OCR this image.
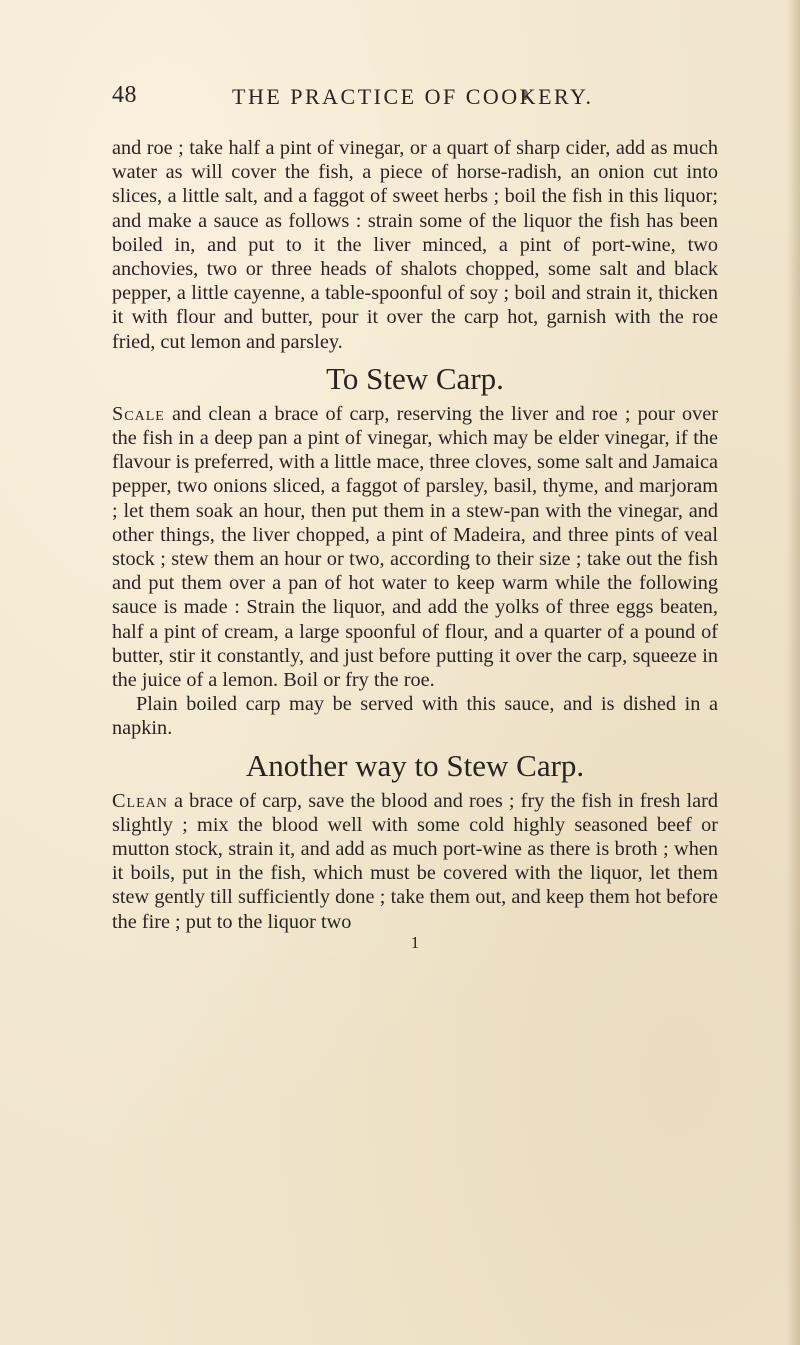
48	THE PRACTICE OF COOKERY.

and roe ; take half a pint of vinegar, or a quart of sharp cider, add as much water as will cover the fish, a piece of horse-radish, an onion cut into slices, a little salt, and a faggot of sweet herbs ; boil the fish in this liquor; and make a sauce as follows : strain some of the liquor the fish has been boiled in, and put to it the liver minced, a pint of port-wine, two anchovies, two or three heads of shalots chopped, some salt and black pepper, a little cayenne, a table-spoonful of soy ; boil and strain it, thicken it with flour and butter, pour it over the carp hot, garnish with the roe fried, cut lemon and parsley.

To Stew Carp.

Scale and clean a brace of carp, reserving the liver and roe ; pour over the fish in a deep pan a pint of vinegar, which may be elder vinegar, if the flavour is preferred, with a little mace, three cloves, some salt and Jamaica pepper, two onions sliced, a faggot of parsley, basil, thyme, and marjoram ; let them soak an hour, then put them in a stew-pan with the vinegar, and other things, the liver chopped, a pint of Madeira, and three pints of veal stock ; stew them an hour or two, according to their size ; take out the fish and put them over a pan of hot water to keep warm while the following sauce is made : Strain the liquor, and add the yolks of three eggs beaten, half a pint of cream, a large spoonful of flour, and a quarter of a pound of butter, stir it constantly, and just before putting it over the carp, squeeze in the juice of a lemon. Boil or fry the roe.

Plain boiled carp may be served with this sauce, and is dished in a napkin.

Another way to Stew Carp.

Clean a brace of carp, save the blood and roes ; fry the fish in fresh lard slightly ; mix the blood well with some cold highly seasoned beef or mutton stock, strain it, and add as much port-wine as there is broth ; when it boils, put in the fish, which must be covered with the liquor, let them stew gently till sufficiently done ; take them out, and keep them hot before the fire ; put to the liquor two

1
